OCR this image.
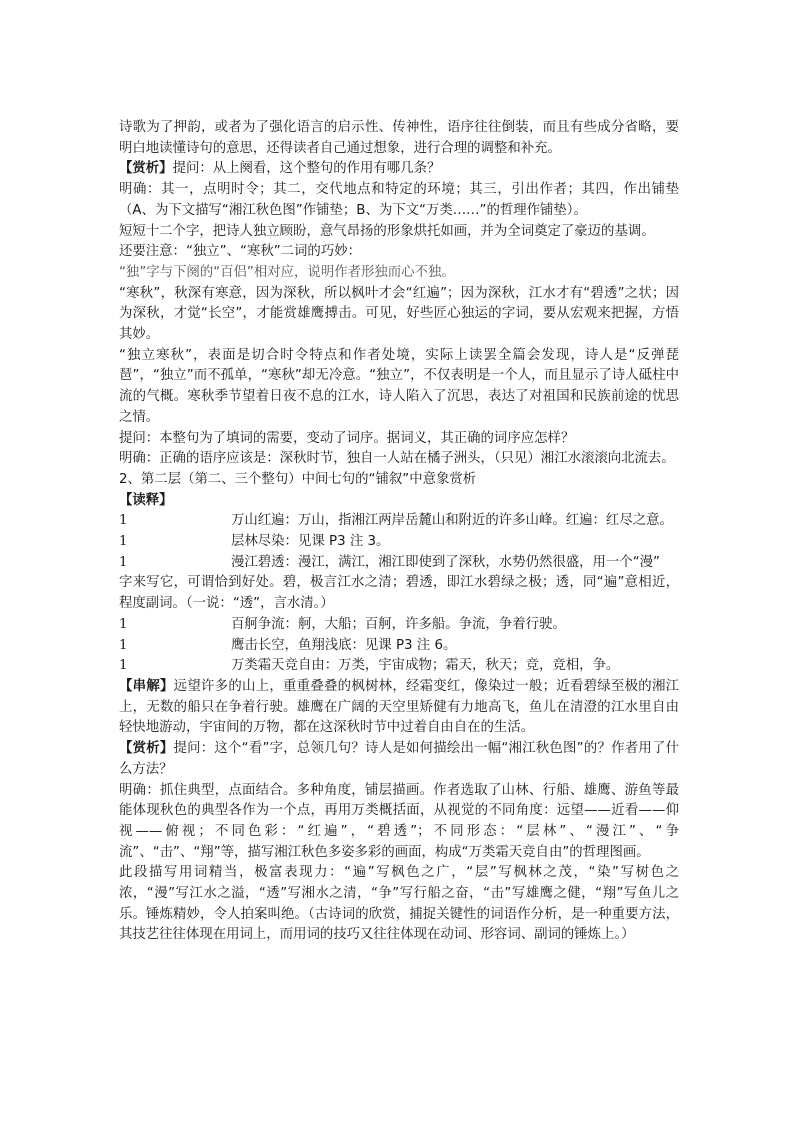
诗歌为了押韵，或者为了强化语言的启示性、传神性，语序往往倒装，而且有些成分省略，要明白地读懂诗句的意思，还得读者自己通过想象，进行合理的调整和补充。

【赏析】提问：从上阕看，这个整句的作用有哪几条？

明确：其一，点明时令；其二，交代地点和特定的环境；其三，引出作者；其四，作出铺垫（A、为下文描写“湘江秋色图”作铺垫；B、为下文“万类……”的哲理作铺垫）。

短短十二个字，把诗人独立顾盼，意气昂扬的形象烘托如画，并为全词奠定了豪迈的基调。

还要注意：“独立”、“寒秋”二词的巧妙：

“独”字与下阕的“百侣”相对应，说明作者形独而心不独。

“寒秋”，秋深有寒意，因为深秋，所以枫叶才会“红遍”；因为深秋，江水才有“碧透”之状；因为深秋，才觉“长空”，才能赏雄鹰搏击。可见，好些匠心独运的字词，要从宏观来把握，方悟其妙。

“独立寒秋”，表面是切合时令特点和作者处境，实际上读罢全篇会发现，诗人是“反弹琵琶”，“独立”而不孤单，“寒秋”却无冷意。“独立”，不仅表明是一个人，而且显示了诗人砥柱中流的气概。寒秋季节望着日夜不息的江水，诗人陷入了沉思，表达了对祖国和民族前途的忧思之情。

提问：本整句为了填词的需要，变动了词序。据词义，其正确的词序应怎样？

明确：正确的语序应该是：深秋时节，独自一人站在橘子洲头，（只见）湘江水滚滚向北流去。

2、第二层（第二、三个整句）中间七句的“铺叙”中意象赏析

【读释】

1	万山红遍：万山，指湘江两岸岳麓山和附近的许多山峰。红遍：红尽之意。
1	层林尽染：见课 P3 注 3。
1	漫江碧透：漫江，满江，湘江即使到了深秋，水势仍然很盛，用一个“漫”

字来写它，可谓恰到好处。碧，极言江水之清；碧透，即江水碧绿之极；透，同“遍”意相近，程度副词。（一说：“透”，言水清。）

1	百舸争流：舸，大船；百舸，许多船。争流，争着行驶。
1	鹰击长空，鱼翔浅底：见课 P3 注 6。
1	万类霜天竞自由：万类，宇宙成物；霜天，秋天；竞，竞相，争。

【串解】远望许多的山上，重重叠叠的枫树林，经霜变红，像染过一般；近看碧绿至极的湘江上，无数的船只在争着行驶。雄鹰在广阔的天空里矫健有力地高飞，鱼儿在清澄的江水里自由轻快地游动，宇宙间的万物，都在这深秋时节中过着自由自在的生活。

【赏析】提问：这个“看”字，总领几句？诗人是如何描绘出一幅“湘江秋色图”的？作者用了什么方法？

明确：抓住典型，点面结合。多种角度，铺层描画。作者选取了山林、行船、雄鹰、游鱼等最能体现秋色的典型各作为一个点，再用万类概括面，从视觉的不同角度：远望——近看——仰视——俯视；不同色彩：“红遍”，“碧透”；不同形态：“层林”、“漫江”、“争流”、“击”、“翔”等，描写湘江秋色多姿多彩的画面，构成“万类霜天竞自由”的哲理图画。

此段描写用词精当，极富表现力：“遍”写枫色之广，“层”写枫林之茂，“染”写树色之浓，“漫”写江水之溢，“透”写湘水之清，“争”写行船之奋，“击”写雄鹰之健，“翔”写鱼儿之乐。锤炼精妙，令人拍案叫绝。（古诗词的欣赏，捕捉关键性的词语作分析，是一种重要方法，其技艺往往体现在用词上，而用词的技巧又往往体现在动词、形容词、副词的锤炼上。）
